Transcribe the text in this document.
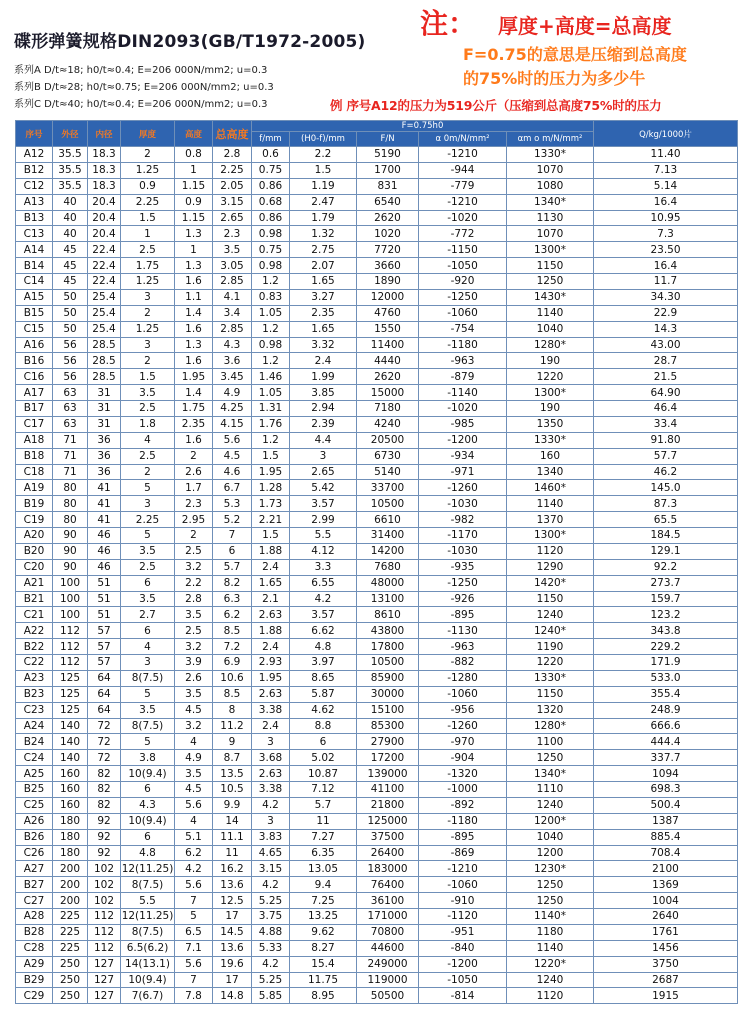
碟形弹簧规格DIN2093(GB/T1972-2005)
系列A D/t≈18; h0/t≈0.4; E=206 000N/mm2; u=0.3
系列B D/t≈28; h0/t≈0.75; E=206 000N/mm2; u=0.3
系列C D/t≈40; h0/t≈0.4; E=206 000N/mm2; u=0.3
注： 厚度+高度=总高度
F=0.75的意思是压缩到总高度
的75%时的压力为多少牛
例 序号A12的压力为519公斤（压缩到总高度75%时的压力
序号	外径	内径	厚度	高度	总高度	F=0.75h0					Q/kg/1000片
						f/mm	(H0-f)/mm	F/N	α 0m/N/mm²	αm o m/N/mm²	
A12	35.5	18.3	2	0.8	2.8	0.6	2.2	5190	-1210	1330*	11.40
B12	35.5	18.3	1.25	1	2.25	0.75	1.5	1700	-944	1070	7.13
C12	35.5	18.3	0.9	1.15	2.05	0.86	1.19	831	-779	1080	5.14
A13	40	20.4	2.25	0.9	3.15	0.68	2.47	6540	-1210	1340*	16.4
B13	40	20.4	1.5	1.15	2.65	0.86	1.79	2620	-1020	1130	10.95
C13	40	20.4	1	1.3	2.3	0.98	1.32	1020	-772	1070	7.3
A14	45	22.4	2.5	1	3.5	0.75	2.75	7720	-1150	1300*	23.50
B14	45	22.4	1.75	1.3	3.05	0.98	2.07	3660	-1050	1150	16.4
C14	45	22.4	1.25	1.6	2.85	1.2	1.65	1890	-920	1250	11.7
A15	50	25.4	3	1.1	4.1	0.83	3.27	12000	-1250	1430*	34.30
B15	50	25.4	2	1.4	3.4	1.05	2.35	4760	-1060	1140	22.9
C15	50	25.4	1.25	1.6	2.85	1.2	1.65	1550	-754	1040	14.3
A16	56	28.5	3	1.3	4.3	0.98	3.32	11400	-1180	1280*	43.00
B16	56	28.5	2	1.6	3.6	1.2	2.4	4440	-963	190	28.7
C16	56	28.5	1.5	1.95	3.45	1.46	1.99	2620	-879	1220	21.5
A17	63	31	3.5	1.4	4.9	1.05	3.85	15000	-1140	1300*	64.90
B17	63	31	2.5	1.75	4.25	1.31	2.94	7180	-1020	190	46.4
C17	63	31	1.8	2.35	4.15	1.76	2.39	4240	-985	1350	33.4
A18	71	36	4	1.6	5.6	1.2	4.4	20500	-1200	1330*	91.80
B18	71	36	2.5	2	4.5	1.5	3	6730	-934	160	57.7
C18	71	36	2	2.6	4.6	1.95	2.65	5140	-971	1340	46.2
A19	80	41	5	1.7	6.7	1.28	5.42	33700	-1260	1460*	145.0
B19	80	41	3	2.3	5.3	1.73	3.57	10500	-1030	1140	87.3
C19	80	41	2.25	2.95	5.2	2.21	2.99	6610	-982	1370	65.5
A20	90	46	5	2	7	1.5	5.5	31400	-1170	1300*	184.5
B20	90	46	3.5	2.5	6	1.88	4.12	14200	-1030	1120	129.1
C20	90	46	2.5	3.2	5.7	2.4	3.3	7680	-935	1290	92.2
A21	100	51	6	2.2	8.2	1.65	6.55	48000	-1250	1420*	273.7
B21	100	51	3.5	2.8	6.3	2.1	4.2	13100	-926	1150	159.7
C21	100	51	2.7	3.5	6.2	2.63	3.57	8610	-895	1240	123.2
A22	112	57	6	2.5	8.5	1.88	6.62	43800	-1130	1240*	343.8
B22	112	57	4	3.2	7.2	2.4	4.8	17800	-963	1190	229.2
C22	112	57	3	3.9	6.9	2.93	3.97	10500	-882	1220	171.9
A23	125	64	8(7.5)	2.6	10.6	1.95	8.65	85900	-1280	1330*	533.0
B23	125	64	5	3.5	8.5	2.63	5.87	30000	-1060	1150	355.4
C23	125	64	3.5	4.5	8	3.38	4.62	15100	-956	1320	248.9
A24	140	72	8(7.5)	3.2	11.2	2.4	8.8	85300	-1260	1280*	666.6
B24	140	72	5	4	9	3	6	27900	-970	1100	444.4
C24	140	72	3.8	4.9	8.7	3.68	5.02	17200	-904	1250	337.7
A25	160	82	10(9.4)	3.5	13.5	2.63	10.87	139000	-1320	1340*	1094
B25	160	82	6	4.5	10.5	3.38	7.12	41100	-1000	1110	698.3
C25	160	82	4.3	5.6	9.9	4.2	5.7	21800	-892	1240	500.4
A26	180	92	10(9.4)	4	14	3	11	125000	-1180	1200*	1387
B26	180	92	6	5.1	11.1	3.83	7.27	37500	-895	1040	885.4
C26	180	92	4.8	6.2	11	4.65	6.35	26400	-869	1200	708.4
A27	200	102	12(11.25)	4.2	16.2	3.15	13.05	183000	-1210	1230*	2100
B27	200	102	8(7.5)	5.6	13.6	4.2	9.4	76400	-1060	1250	1369
C27	200	102	5.5	7	12.5	5.25	7.25	36100	-910	1250	1004
A28	225	112	12(11.25)	5	17	3.75	13.25	171000	-1120	1140*	2640
B28	225	112	8(7.5)	6.5	14.5	4.88	9.62	70800	-951	1180	1761
C28	225	112	6.5(6.2)	7.1	13.6	5.33	8.27	44600	-840	1140	1456
A29	250	127	14(13.1)	5.6	19.6	4.2	15.4	249000	-1200	1220*	3750
B29	250	127	10(9.4)	7	17	5.25	11.75	119000	-1050	1240	2687
C29	250	127	7(6.7)	7.8	14.8	5.85	8.95	50500	-814	1120	1915
